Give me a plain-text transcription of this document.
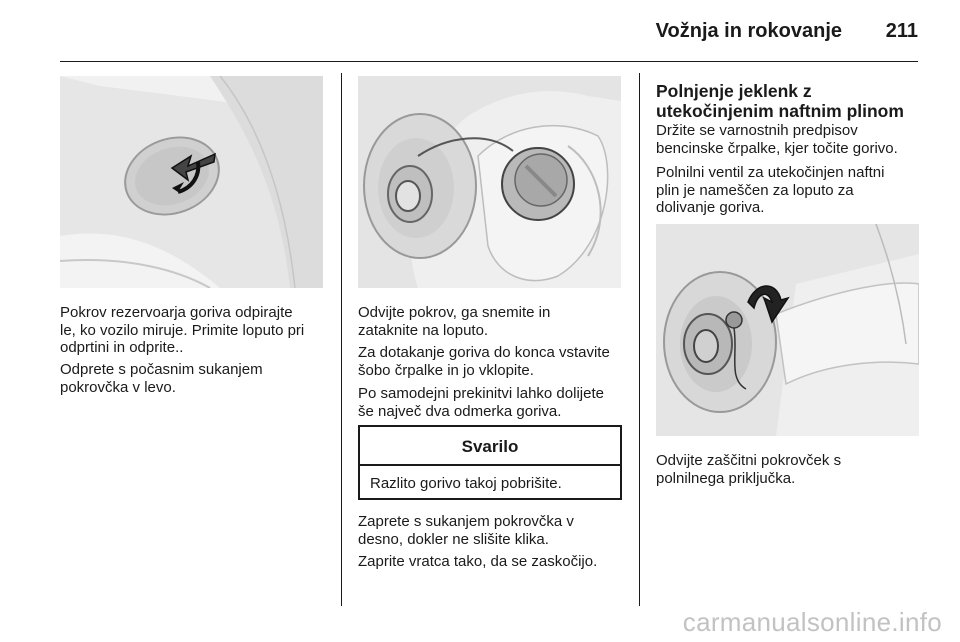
Vožnja in rokovanje 211
Pokrov rezervoarja goriva odpirajte
le, ko vozilo miruje. Primite loputo pri
odprtini in odprite..
Odprete s počasnim sukanjem
pokrovčka v levo.
Odvijte pokrov, ga snemite in
zataknite na loputo.
Za dotakanje goriva do konca vstavite
šobo črpalke in jo vklopite.
Po samodejni prekinitvi lahko dolijete
še največ dva odmerka goriva.
Svarilo
Razlito gorivo takoj pobrišite.
Zaprete s sukanjem pokrovčka v
desno, dokler ne slišite klika.
Zaprite vratca tako, da se zaskočijo.
Polnjenje jeklenk z
utekočinjenim naftnim plinom
Držite se varnostnih predpisov
bencinske črpalke, kjer točite gorivo.
Polnilni ventil za utekočinjen naftni
plin je nameščen za loputo za
dolivanje goriva.
Odvijte zaščitni pokrovček s
polnilnega priključka.
carmanualsonline.info
